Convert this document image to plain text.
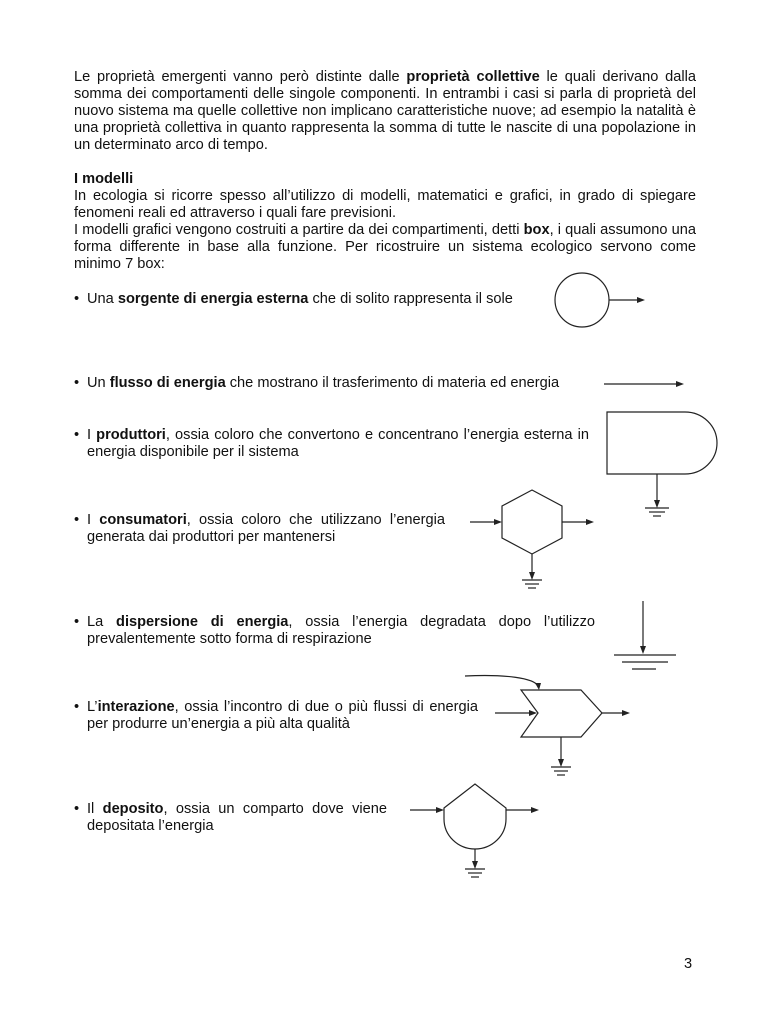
Le proprietà emergenti vanno però distinte dalle proprietà collettive le quali derivano dalla somma dei comportamenti delle singole componenti. In entrambi i casi si parla di proprietà del nuovo sistema ma quelle collettive non implicano caratteristiche nuove; ad esempio la natalità è una proprietà collettiva in quanto rappresenta la somma di tutte le nascite di una popolazione in un determinato arco di tempo.

I modelli

In ecologia si ricorre spesso all’utilizzo di modelli, matematici e grafici, in grado di spiegare fenomeni reali ed attraverso i quali fare previsioni.

I modelli grafici vengono costruiti a partire da dei compartimenti, detti box, i quali assumono una forma differente in base alla funzione. Per ricostruire un sistema ecologico servono come minimo 7 box:

• Una sorgente di energia esterna che di solito rappresenta il sole

• Un flusso di energia che mostrano il trasferimento di materia ed energia

• I produttori, ossia coloro che convertono e concentrano l’energia esterna in energia disponibile per il sistema

• I consumatori, ossia coloro che utilizzano l’energia generata dai produttori per mantenersi

• La dispersione di energia, ossia l’energia degradata dopo l’utilizzo prevalentemente sotto forma di respirazione

• L’interazione, ossia l’incontro di due o più flussi di energia per produrre un’energia a più alta qualità

• Il deposito, ossia un comparto dove viene depositata l’energia

3
